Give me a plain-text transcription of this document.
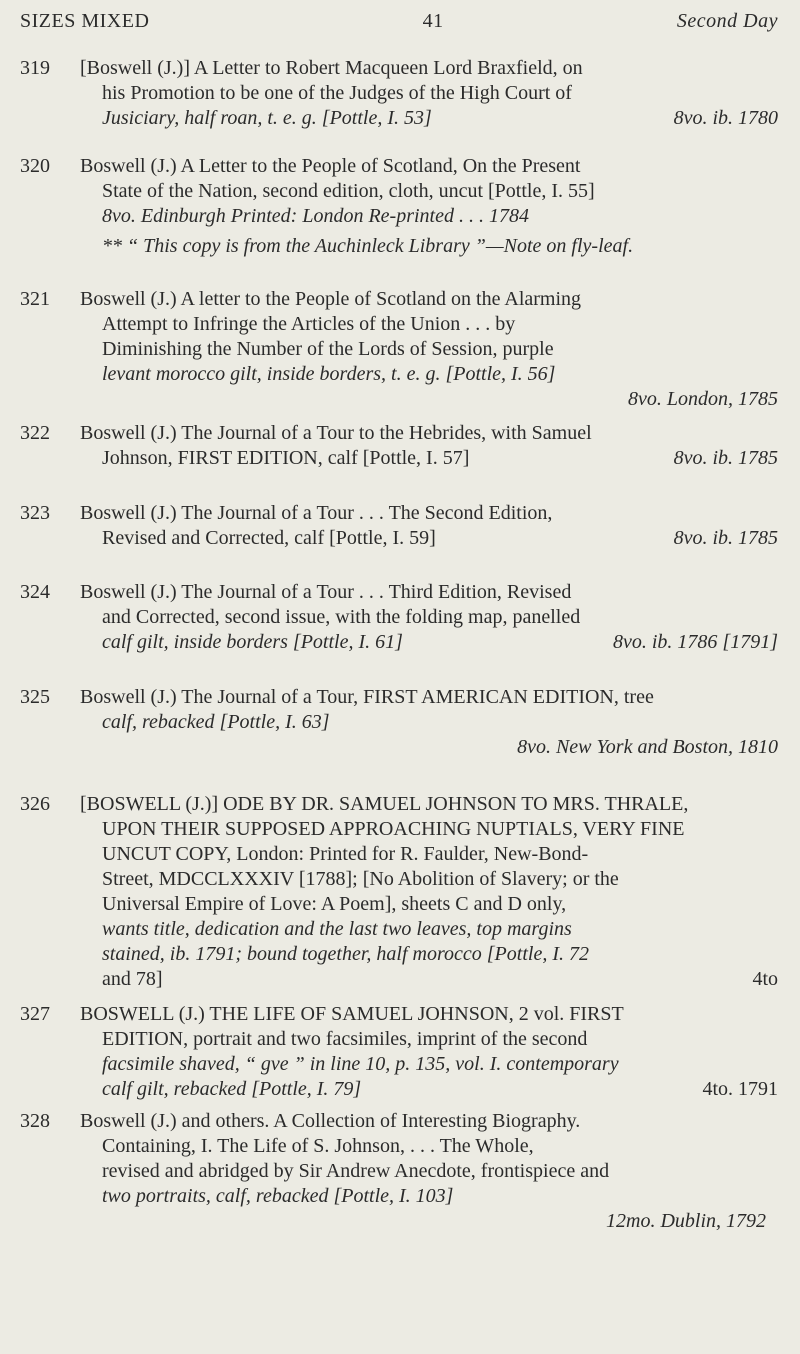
SIZES MIXED	41	Second Day
319 [Boswell (J.)] A Letter to Robert Macqueen Lord Braxfield, on
his Promotion to be one of the Judges of the High Court of
Jusiciary, half roan, t. e. g. [Pottle, I. 53]	8vo. ib. 1780
320 Boswell (J.) A Letter to the People of Scotland, On the Present
State of the Nation, second edition, cloth, uncut [Pottle, I. 55]
8vo. Edinburgh Printed: London Re-printed . . . 1784
** “ This copy is from the Auchinleck Library ”—Note on fly-leaf.
321 Boswell (J.) A letter to the People of Scotland on the Alarming
Attempt to Infringe the Articles of the Union . . . by
Diminishing the Number of the Lords of Session, purple
levant morocco gilt, inside borders, t. e. g. [Pottle, I. 56]
8vo. London, 1785
322 Boswell (J.) The Journal of a Tour to the Hebrides, with Samuel
Johnson, FIRST EDITION, calf [Pottle, I. 57]	8vo. ib. 1785
323 Boswell (J.) The Journal of a Tour . . . The Second Edition,
Revised and Corrected, calf [Pottle, I. 59]	8vo. ib. 1785
324 Boswell (J.) The Journal of a Tour . . . Third Edition, Revised
and Corrected, second issue, with the folding map, panelled
calf gilt, inside borders [Pottle, I. 61]	8vo. ib. 1786 [1791]
325 Boswell (J.) The Journal of a Tour, FIRST AMERICAN EDITION, tree
calf, rebacked [Pottle, I. 63]
8vo. New York and Boston, 1810
326 [BOSWELL (J.)] ODE BY DR. SAMUEL JOHNSON TO MRS. THRALE,
UPON THEIR SUPPOSED APPROACHING NUPTIALS, VERY FINE
UNCUT COPY, London: Printed for R. Faulder, New-Bond-
Street, MDCCLXXXIV [1788]; [No Abolition of Slavery; or the
Universal Empire of Love: A Poem], sheets C and D only,
wants title, dedication and the last two leaves, top margins
stained, ib. 1791; bound together, half morocco [Pottle, I. 72
and 78]	4to
327 BOSWELL (J.) THE LIFE OF SAMUEL JOHNSON, 2 vol. FIRST
EDITION, portrait and two facsimiles, imprint of the second
facsimile shaved, “ gve ” in line 10, p. 135, vol. I. contemporary
calf gilt, rebacked [Pottle, I. 79]	4to. 1791
328 Boswell (J.) and others. A Collection of Interesting Biography.
Containing, I. The Life of S. Johnson, . . . The Whole,
revised and abridged by Sir Andrew Anecdote, frontispiece and
two portraits, calf, rebacked [Pottle, I. 103]
12mo. Dublin, 1792
